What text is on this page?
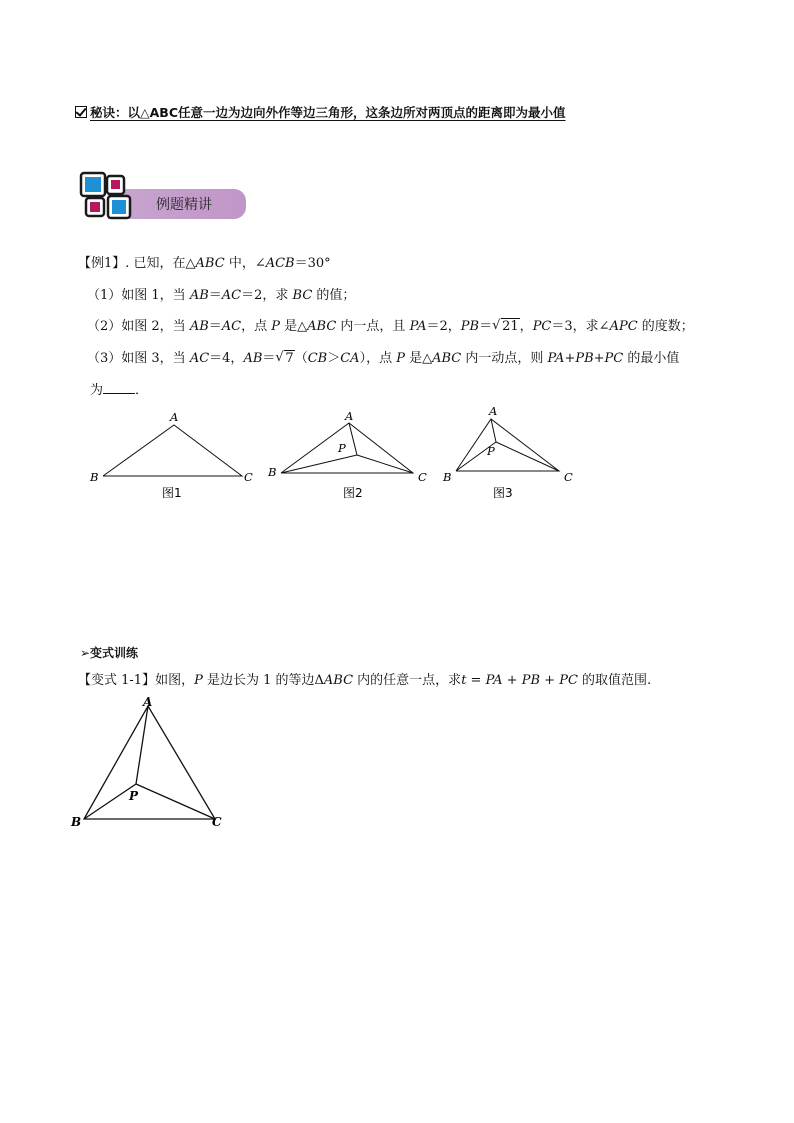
秘诀：以△ABC任意一边为边向外作等边三角形，这条边所对两顶点的距离即为最小值
例题精讲
【例1】. 已知，在△ABC 中，∠ACB＝30°
（1）如图 1，当 AB＝AC＝2，求 BC 的值；
（2）如图 2，当 AB＝AC，点 P 是△ABC 内一点，且 PA＝2，PB＝ √ 21，PC＝3，求∠APC 的度数；
（3）如图 3，当 AC＝4，AB＝ √ 7（CB＞CA），点 P 是△ABC 内一动点，则 PA+PB+PC 的最小值
为 ．
A
B	C
图1
A
B	C
P
图2
A
B	C
P
图3
➢变式训练
【变式 1-1】如图，P 是边长为 1 的等边ΔABC 内的任意一点，求t = PA + PB + PC 的取值范围.
A
B	C
P
